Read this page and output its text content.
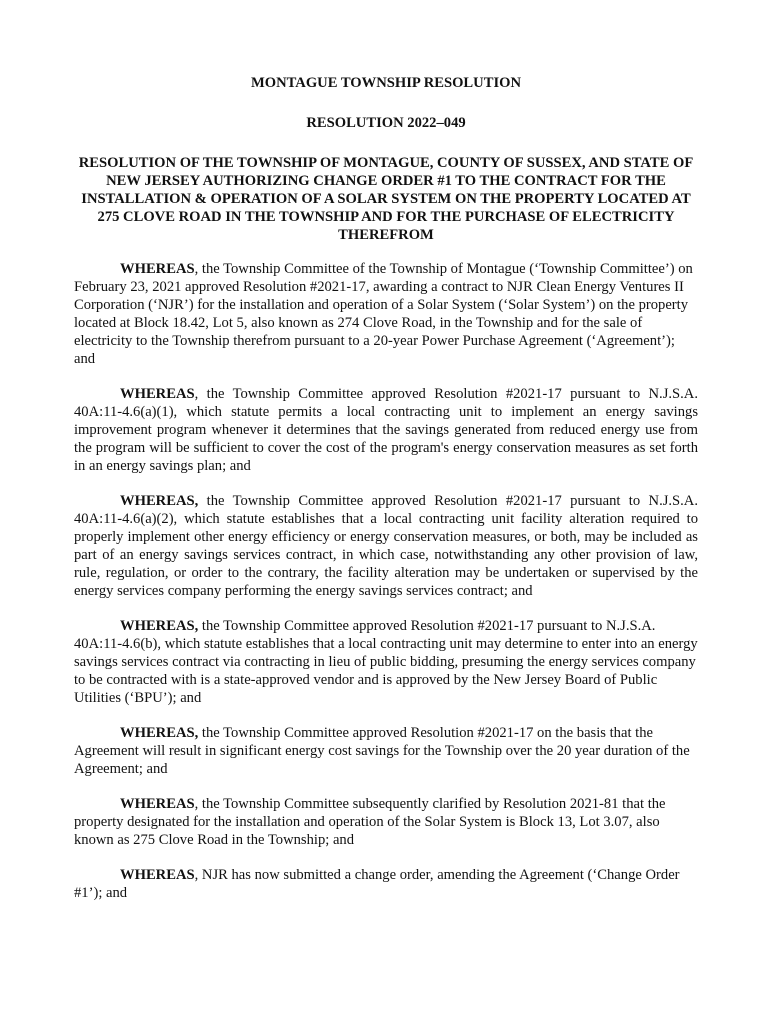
MONTAGUE TOWNSHIP RESOLUTION
RESOLUTION 2022–049
RESOLUTION OF THE TOWNSHIP OF MONTAGUE, COUNTY OF SUSSEX, AND STATE OF NEW JERSEY AUTHORIZING CHANGE ORDER #1 TO THE CONTRACT FOR THE INSTALLATION & OPERATION OF A SOLAR SYSTEM ON THE PROPERTY LOCATED AT 275 CLOVE ROAD IN THE TOWNSHIP AND FOR THE PURCHASE OF ELECTRICITY THEREFROM

WHEREAS, the Township Committee of the Township of Montague (‘Township Committee’) on February 23, 2021 approved Resolution #2021-17, awarding a contract to NJR Clean Energy Ventures II Corporation (‘NJR’) for the installation and operation of a Solar System (‘Solar System’) on the property located at Block 18.42, Lot 5, also known as 274 Clove Road, in the Township and for the sale of electricity to the Township therefrom pursuant to a 20-year Power Purchase Agreement (‘Agreement’); and

WHEREAS, the Township Committee approved Resolution #2021-17 pursuant to N.J.S.A. 40A:11-4.6(a)(1), which statute permits a local contracting unit to implement an energy savings improvement program whenever it determines that the savings generated from reduced energy use from the program will be sufficient to cover the cost of the program's energy conservation measures as set forth in an energy savings plan; and

WHEREAS, the Township Committee approved Resolution #2021-17 pursuant to N.J.S.A. 40A:11-4.6(a)(2), which statute establishes that a local contracting unit facility alteration required to properly implement other energy efficiency or energy conservation measures, or both, may be included as part of an energy savings services contract, in which case, notwithstanding any other provision of law, rule, regulation, or order to the contrary, the facility alteration may be undertaken or supervised by the energy services company performing the energy savings services contract; and

WHEREAS, the Township Committee approved Resolution #2021-17 pursuant to N.J.S.A. 40A:11-4.6(b), which statute establishes that a local contracting unit may determine to enter into an energy savings services contract via contracting in lieu of public bidding, presuming the energy services company to be contracted with is a state-approved vendor and is approved by the New Jersey Board of Public Utilities (‘BPU’); and

WHEREAS, the Township Committee approved Resolution #2021-17 on the basis that the Agreement will result in significant energy cost savings for the Township over the 20 year duration of the Agreement; and

WHEREAS, the Township Committee subsequently clarified by Resolution 2021-81 that the property designated for the installation and operation of the Solar System is Block 13, Lot 3.07, also known as 275 Clove Road in the Township; and

WHEREAS, NJR has now submitted a change order, amending the Agreement (‘Change Order #1’); and
